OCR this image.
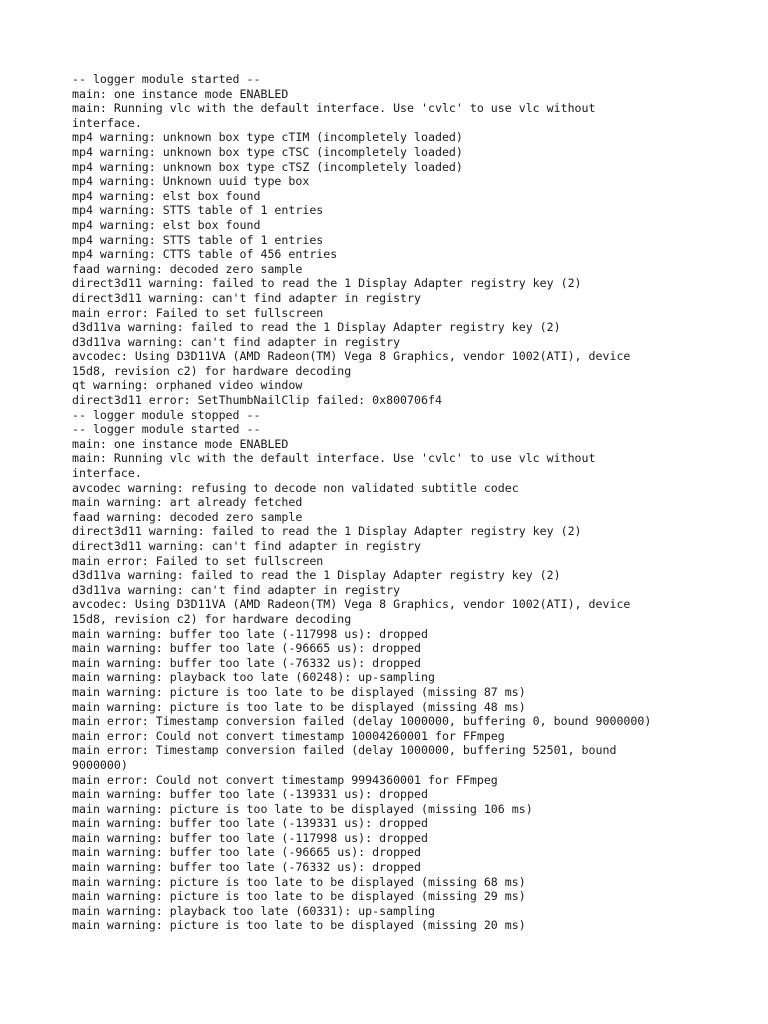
-- logger module started --
main: one instance mode ENABLED
main: Running vlc with the default interface. Use 'cvlc' to use vlc without
interface.
mp4 warning: unknown box type cTIM (incompletely loaded)
mp4 warning: unknown box type cTSC (incompletely loaded)
mp4 warning: unknown box type cTSZ (incompletely loaded)
mp4 warning: Unknown uuid type box
mp4 warning: elst box found
mp4 warning: STTS table of 1 entries
mp4 warning: elst box found
mp4 warning: STTS table of 1 entries
mp4 warning: CTTS table of 456 entries
faad warning: decoded zero sample
direct3d11 warning: failed to read the 1 Display Adapter registry key (2)
direct3d11 warning: can't find adapter in registry
main error: Failed to set fullscreen
d3d11va warning: failed to read the 1 Display Adapter registry key (2)
d3d11va warning: can't find adapter in registry
avcodec: Using D3D11VA (AMD Radeon(TM) Vega 8 Graphics, vendor 1002(ATI), device
15d8, revision c2) for hardware decoding
qt warning: orphaned video window
direct3d11 error: SetThumbNailClip failed: 0x800706f4
-- logger module stopped --
-- logger module started --
main: one instance mode ENABLED
main: Running vlc with the default interface. Use 'cvlc' to use vlc without
interface.
avcodec warning: refusing to decode non validated subtitle codec
main warning: art already fetched
faad warning: decoded zero sample
direct3d11 warning: failed to read the 1 Display Adapter registry key (2)
direct3d11 warning: can't find adapter in registry
main error: Failed to set fullscreen
d3d11va warning: failed to read the 1 Display Adapter registry key (2)
d3d11va warning: can't find adapter in registry
avcodec: Using D3D11VA (AMD Radeon(TM) Vega 8 Graphics, vendor 1002(ATI), device
15d8, revision c2) for hardware decoding
main warning: buffer too late (-117998 us): dropped
main warning: buffer too late (-96665 us): dropped
main warning: buffer too late (-76332 us): dropped
main warning: playback too late (60248): up-sampling
main warning: picture is too late to be displayed (missing 87 ms)
main warning: picture is too late to be displayed (missing 48 ms)
main error: Timestamp conversion failed (delay 1000000, buffering 0, bound 9000000)
main error: Could not convert timestamp 10004260001 for FFmpeg
main error: Timestamp conversion failed (delay 1000000, buffering 52501, bound
9000000)
main error: Could not convert timestamp 9994360001 for FFmpeg
main warning: buffer too late (-139331 us): dropped
main warning: picture is too late to be displayed (missing 106 ms)
main warning: buffer too late (-139331 us): dropped
main warning: buffer too late (-117998 us): dropped
main warning: buffer too late (-96665 us): dropped
main warning: buffer too late (-76332 us): dropped
main warning: picture is too late to be displayed (missing 68 ms)
main warning: picture is too late to be displayed (missing 29 ms)
main warning: playback too late (60331): up-sampling
main warning: picture is too late to be displayed (missing 20 ms)
